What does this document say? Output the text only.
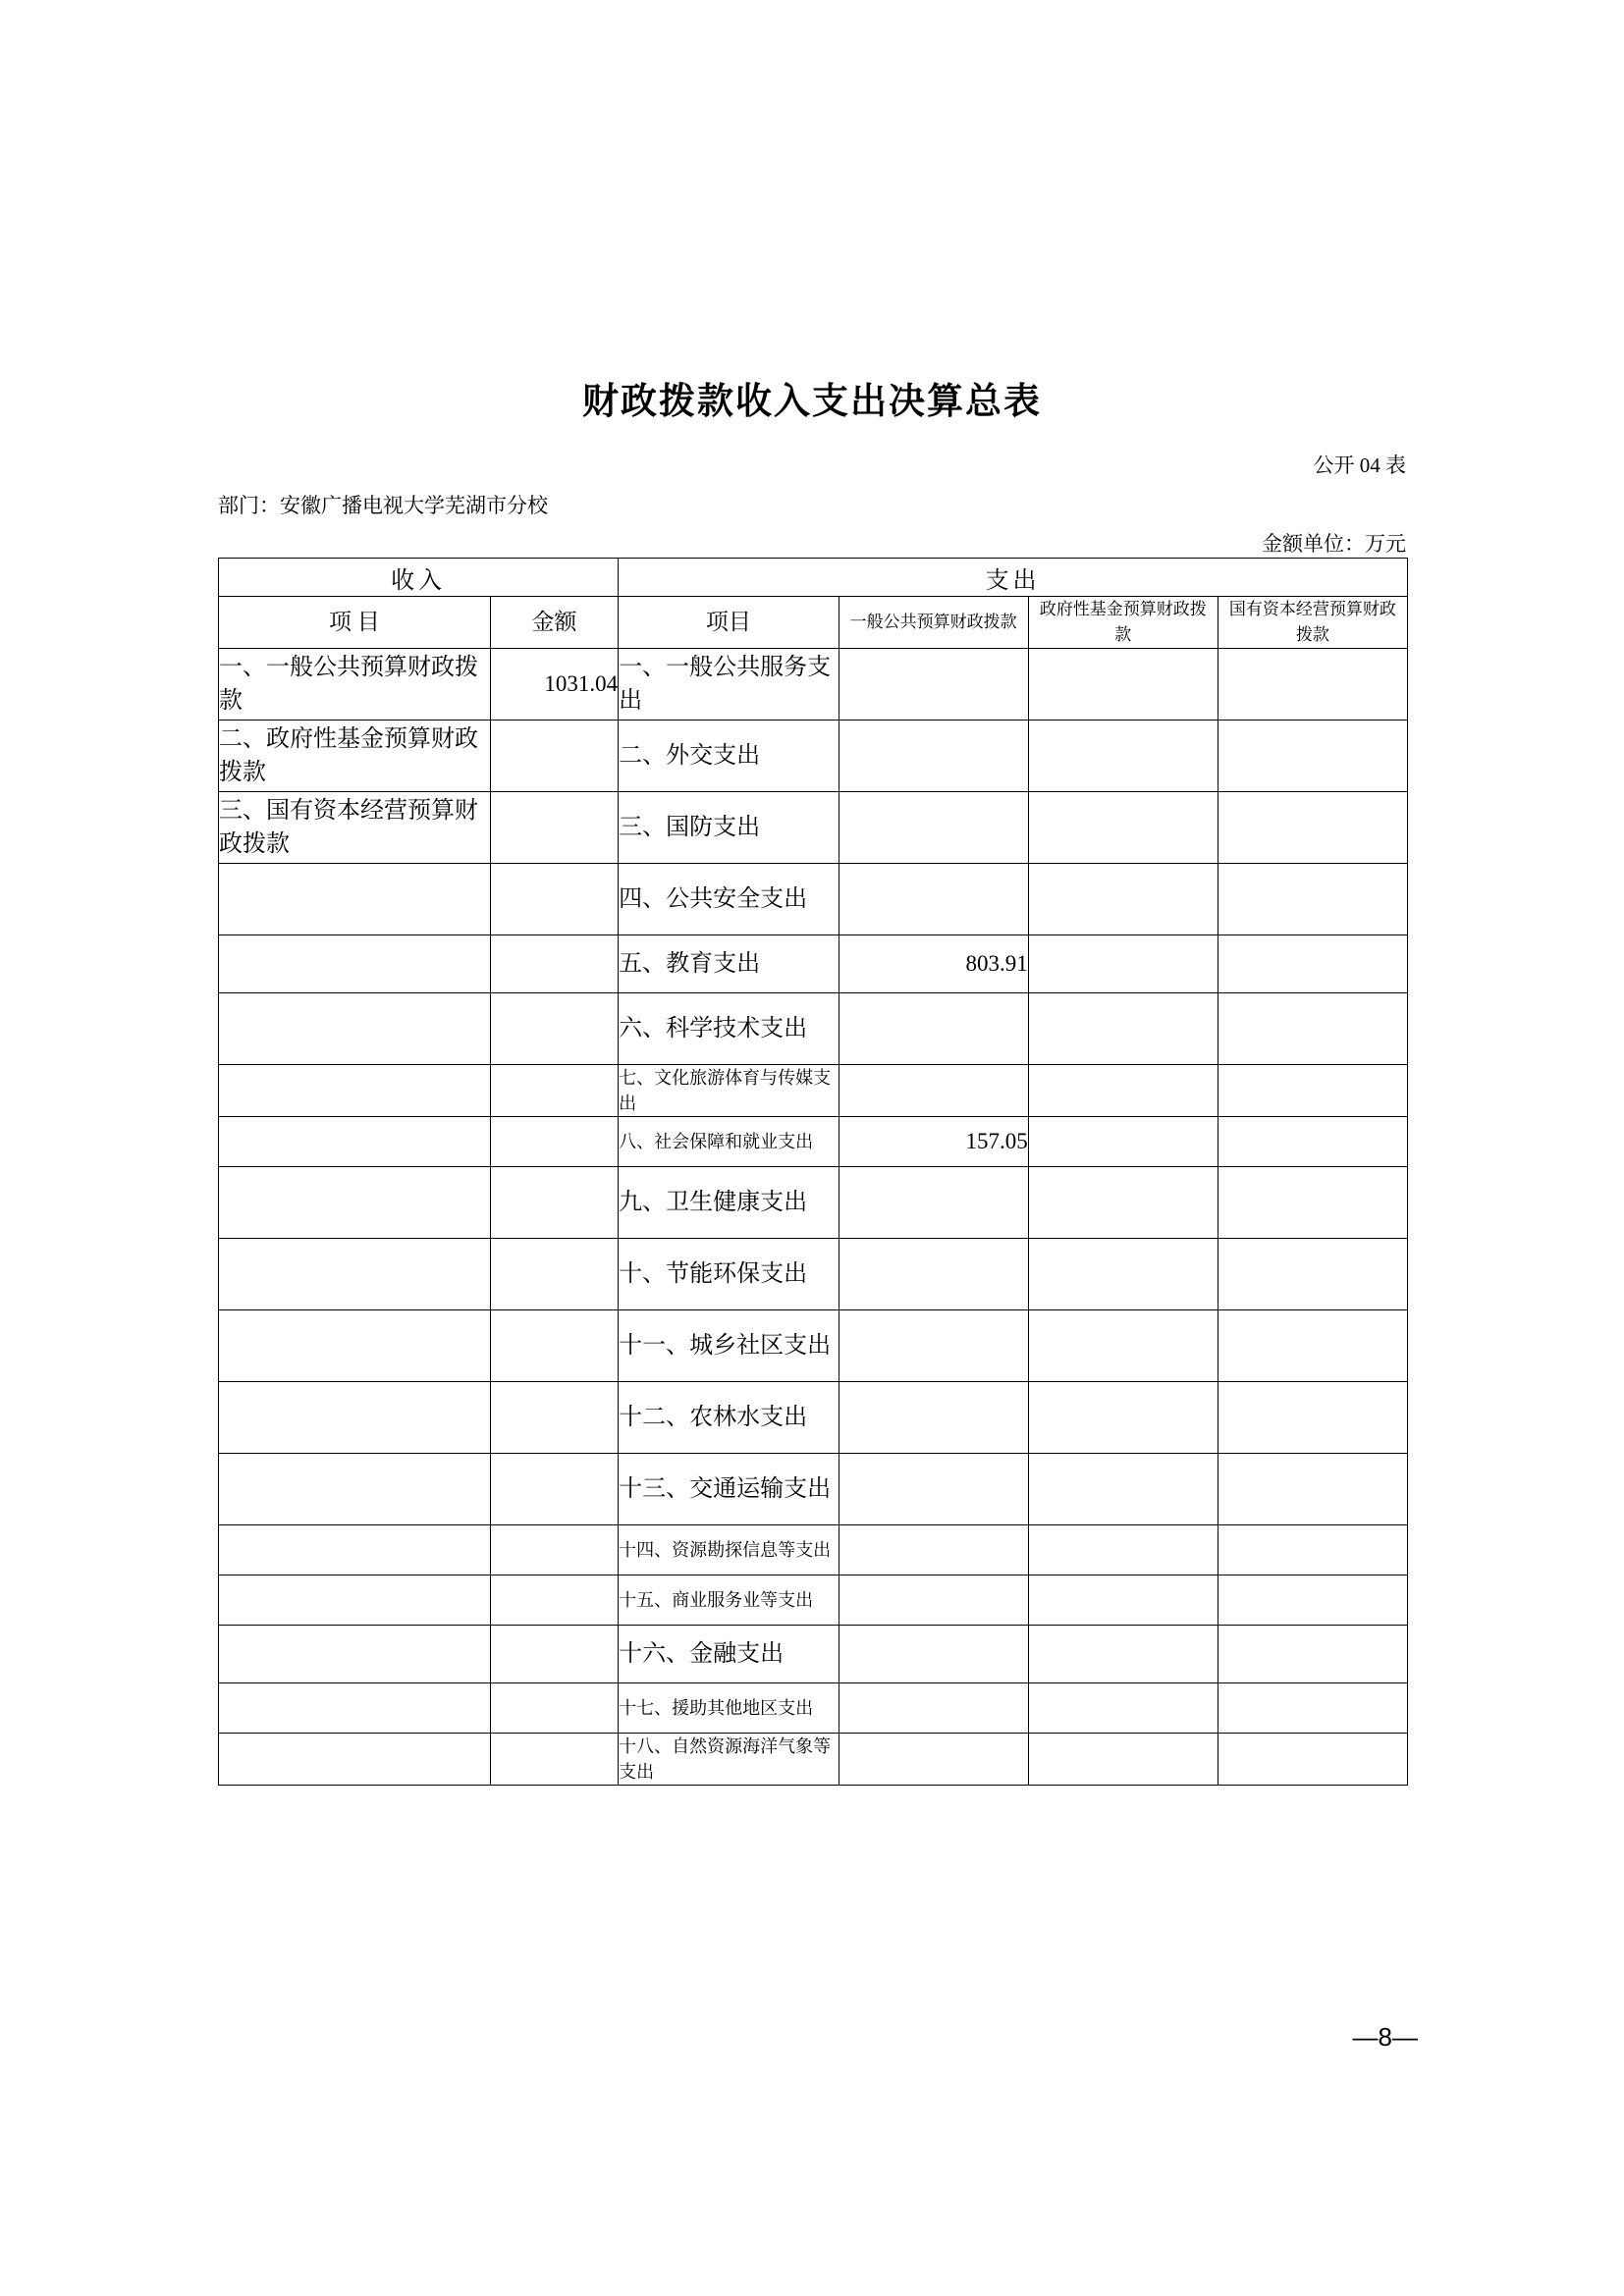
财政拨款收入支出决算总表
公开 04 表
部门：安徽广播电视大学芜湖市分校
金额单位：万元
收入		支出			
项 目	金额	项目	一般公共预算财政拨款	政府性基金预算财政拨款	国有资本经营预算财政拨款
一、一般公共预算财政拨款	1031.04	一、一般公共服务支出			
二、政府性基金预算财政拨款		二、外交支出			
三、国有资本经营预算财政拨款		三、国防支出			
		四、公共安全支出			
		五、教育支出	803.91		
		六、科学技术支出			
		七、文化旅游体育与传媒支出			
		八、社会保障和就业支出	157.05		
		九、卫生健康支出			
		十、节能环保支出			
		十一、城乡社区支出			
		十二、农林水支出			
		十三、交通运输支出			
		十四、资源勘探信息等支出			
		十五、商业服务业等支出			
		十六、金融支出			
		十七、援助其他地区支出			
		十八、自然资源海洋气象等支出			
—8—
